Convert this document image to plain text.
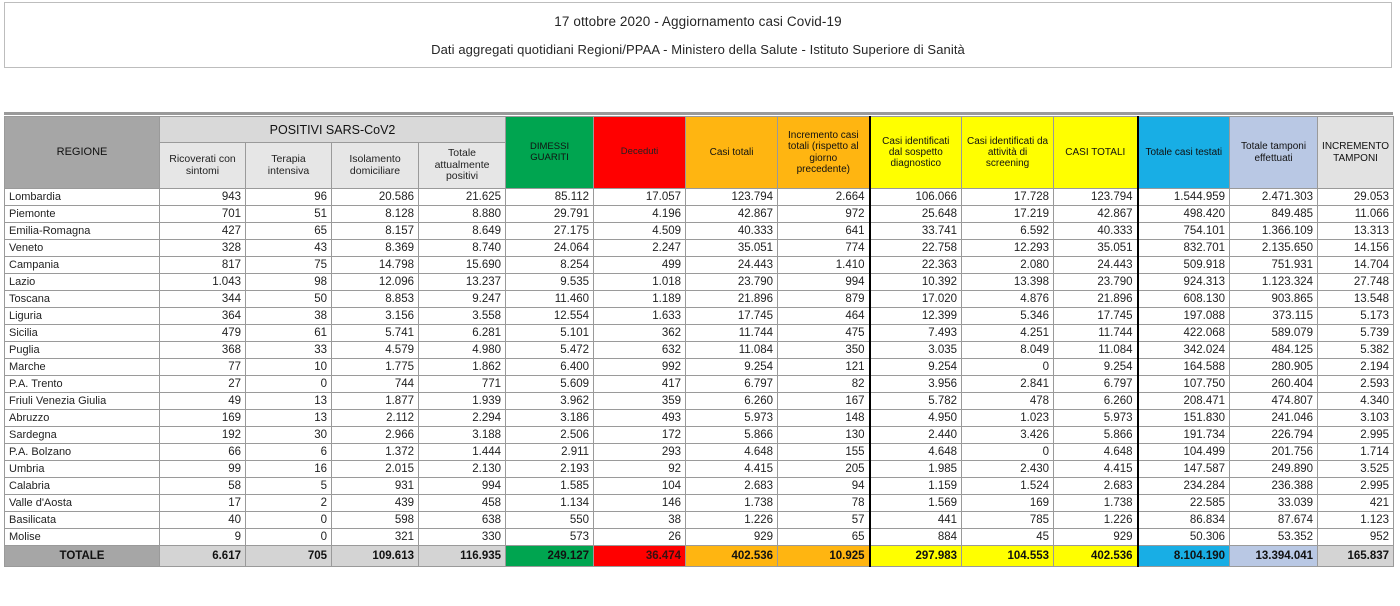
17 ottobre 2020 - Aggiornamento casi Covid-19
Dati aggregati quotidiani Regioni/PPAA - Ministero della Salute - Istituto Superiore di Sanità
REGIONE	POSITIVI SARS-CoV2				DIMESSI GUARITI	Deceduti	Casi totali	Incremento casi totali (rispetto al giorno precedente)	Casi identificati dal sospetto diagnostico	Casi identificati da attività di screening	CASI TOTALI	Totale casi testati	Totale tamponi effettuati	INCREMENTO TAMPONI
	Ricoverati con sintomi	Terapia intensiva	Isolamento domiciliare	Totale attualmente positivi										
Lombardia	943	96	20.586	21.625	85.112	17.057	123.794	2.664	106.066	17.728	123.794	1.544.959	2.471.303	29.053
Piemonte	701	51	8.128	8.880	29.791	4.196	42.867	972	25.648	17.219	42.867	498.420	849.485	11.066
Emilia-Romagna	427	65	8.157	8.649	27.175	4.509	40.333	641	33.741	6.592	40.333	754.101	1.366.109	13.313
Veneto	328	43	8.369	8.740	24.064	2.247	35.051	774	22.758	12.293	35.051	832.701	2.135.650	14.156
Campania	817	75	14.798	15.690	8.254	499	24.443	1.410	22.363	2.080	24.443	509.918	751.931	14.704
Lazio	1.043	98	12.096	13.237	9.535	1.018	23.790	994	10.392	13.398	23.790	924.313	1.123.324	27.748
Toscana	344	50	8.853	9.247	11.460	1.189	21.896	879	17.020	4.876	21.896	608.130	903.865	13.548
Liguria	364	38	3.156	3.558	12.554	1.633	17.745	464	12.399	5.346	17.745	197.088	373.115	5.173
Sicilia	479	61	5.741	6.281	5.101	362	11.744	475	7.493	4.251	11.744	422.068	589.079	5.739
Puglia	368	33	4.579	4.980	5.472	632	11.084	350	3.035	8.049	11.084	342.024	484.125	5.382
Marche	77	10	1.775	1.862	6.400	992	9.254	121	9.254	0	9.254	164.588	280.905	2.194
P.A. Trento	27	0	744	771	5.609	417	6.797	82	3.956	2.841	6.797	107.750	260.404	2.593
Friuli Venezia Giulia	49	13	1.877	1.939	3.962	359	6.260	167	5.782	478	6.260	208.471	474.807	4.340
Abruzzo	169	13	2.112	2.294	3.186	493	5.973	148	4.950	1.023	5.973	151.830	241.046	3.103
Sardegna	192	30	2.966	3.188	2.506	172	5.866	130	2.440	3.426	5.866	191.734	226.794	2.995
P.A. Bolzano	66	6	1.372	1.444	2.911	293	4.648	155	4.648	0	4.648	104.499	201.756	1.714
Umbria	99	16	2.015	2.130	2.193	92	4.415	205	1.985	2.430	4.415	147.587	249.890	3.525
Calabria	58	5	931	994	1.585	104	2.683	94	1.159	1.524	2.683	234.284	236.388	2.995
Valle d'Aosta	17	2	439	458	1.134	146	1.738	78	1.569	169	1.738	22.585	33.039	421
Basilicata	40	0	598	638	550	38	1.226	57	441	785	1.226	86.834	87.674	1.123
Molise	9	0	321	330	573	26	929	65	884	45	929	50.306	53.352	952
TOTALE	6.617	705	109.613	116.935	249.127	36.474	402.536	10.925	297.983	104.553	402.536	8.104.190	13.394.041	165.837
